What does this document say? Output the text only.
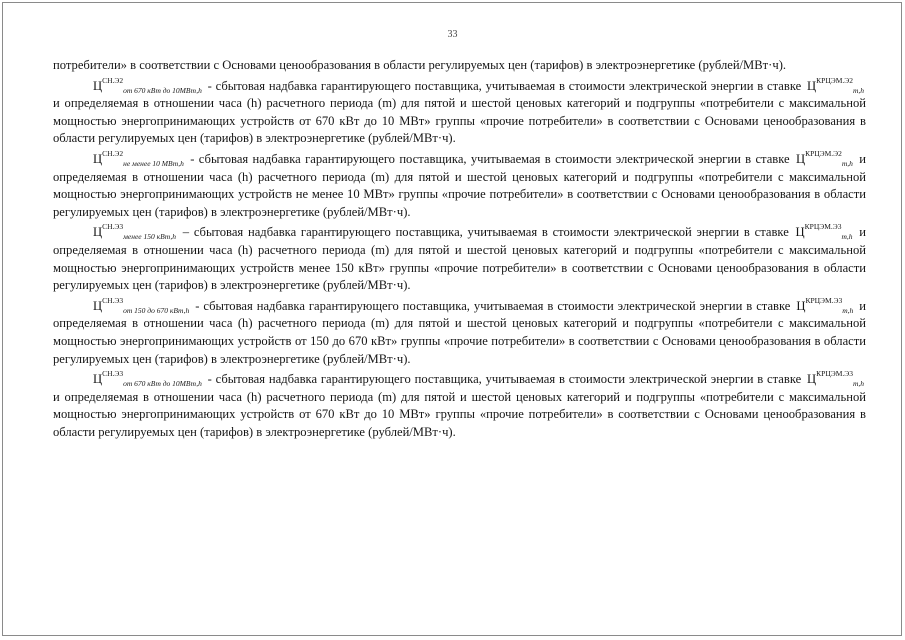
33

потребители» в соответствии с Основами ценообразования в области регулируемых цен (тарифов) в электроэнергетике (рублей/МВт·ч).

$Ц^{СН.Э2}_{от 670 кВт до 10МВт,h}$ - сбытовая надбавка гарантирующего поставщика, учитываемая в стоимости электрической энергии в ставке $Ц^{КРЦЭМ.Э2}_{m,h}$ и определяемая в отношении часа (h) расчетного периода (m) для пятой и шестой ценовых категорий и подгруппы «потребители с максимальной мощностью энергопринимающих устройств от 670 кВт до 10 МВт» группы «прочие потребители» в соответствии с Основами ценообразования в области регулируемых цен (тарифов) в электроэнергетике (рублей/МВт·ч).

$Ц^{СН.Э2}_{не менее 10 МВт,h}$ - сбытовая надбавка гарантирующего поставщика, учитываемая в стоимости электрической энергии в ставке $Ц^{КРЦЭМ.Э2}_{m,h}$ и определяемая в отношении часа (h) расчетного периода (m) для пятой и шестой ценовых категорий и подгруппы «потребители с максимальной мощностью энергопринимающих устройств не менее 10 МВт» группы «прочие потребители» в соответствии с Основами ценообразования в области регулируемых цен (тарифов) в электроэнергетике (рублей/МВт·ч).

$Ц^{СН.Э3}_{менее 150 кВт,h}$ – сбытовая надбавка гарантирующего поставщика, учитываемая в стоимости электрической энергии в ставке $Ц^{КРЦЭМ.Э3}_{m,h}$ и определяемая в отношении часа (h) расчетного периода (m) для пятой и шестой ценовых категорий и подгруппы «потребители с максимальной мощностью энергопринимающих устройств менее 150 кВт» группы «прочие потребители» в соответствии с Основами ценообразования в области регулируемых цен (тарифов) в электроэнергетике (рублей/МВт·ч).

$Ц^{СН.Э3}_{от 150 до 670 кВт,h}$ - сбытовая надбавка гарантирующего поставщика, учитываемая в стоимости электрической энергии в ставке $Ц^{КРЦЭМ.Э3}_{m,h}$ и определяемая в отношении часа (h) расчетного периода (m) для пятой и шестой ценовых категорий и подгруппы «потребители с максимальной мощностью энергопринимающих устройств от 150 до 670 кВт» группы «прочие потребители» в соответствии с Основами ценообразования в области регулируемых цен (тарифов) в электроэнергетике (рублей/МВт·ч).

$Ц^{СН.Э3}_{от 670 кВт до 10МВт,h}$ - сбытовая надбавка гарантирующего поставщика, учитываемая в стоимости электрической энергии в ставке $Ц^{КРЦЭМ.Э3}_{m,h}$ и определяемая в отношении часа (h) расчетного периода (m) для пятой и шестой ценовых категорий и подгруппы «потребители с максимальной мощностью энергопринимающих устройств от 670 кВт до 10 МВт» группы «прочие потребители» в соответствии с Основами ценообразования в области регулируемых цен (тарифов) в электроэнергетике (рублей/МВт·ч).
